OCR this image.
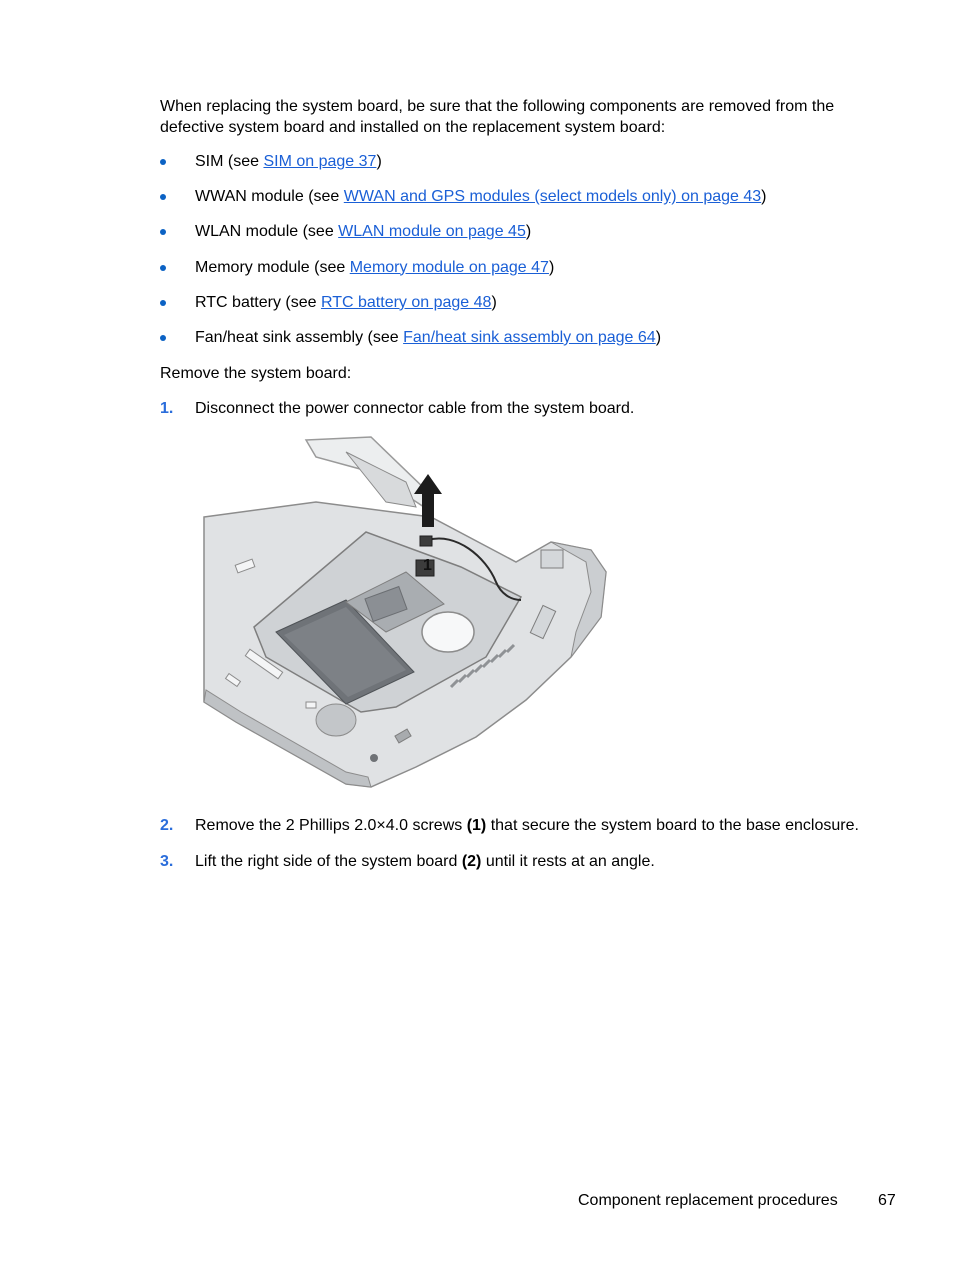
When replacing the system board, be sure that the following components are removed from the defective system board and installed on the replacement system board:

SIM (see SIM on page 37)
WWAN module (see WWAN and GPS modules (select models only) on page 43)
WLAN module (see WLAN module on page 45)
Memory module (see Memory module on page 47)
RTC battery (see RTC battery on page 48)
Fan/heat sink assembly (see Fan/heat sink assembly on page 64)

Remove the system board:

1. Disconnect the power connector cable from the system board.
1
2. Remove the 2 Phillips 2.0×4.0 screws (1) that secure the system board to the base enclosure.
3. Lift the right side of the system board (2) until it rests at an angle.
Component replacement procedures	67
